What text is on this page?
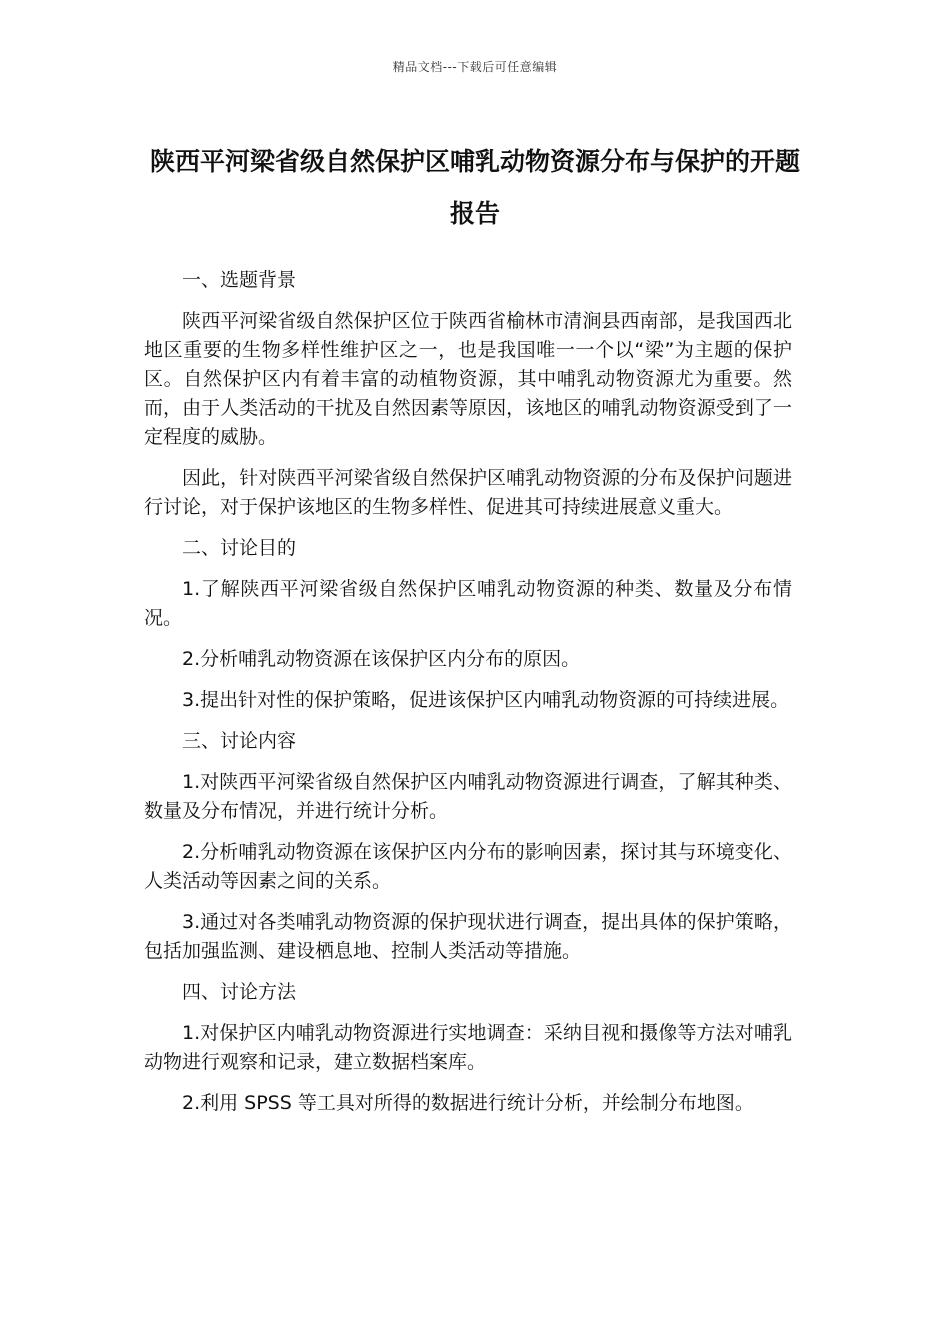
精品文档---下载后可任意编辑
陕西平河梁省级自然保护区哺乳动物资源分布与保护的开题报告

一、选题背景

陕西平河梁省级自然保护区位于陕西省榆林市清涧县西南部，是我国西北地区重要的生物多样性维护区之一，也是我国唯一一个以“梁”为主题的保护区。自然保护区内有着丰富的动植物资源，其中哺乳动物资源尤为重要。然而，由于人类活动的干扰及自然因素等原因，该地区的哺乳动物资源受到了一定程度的威胁。

因此，针对陕西平河梁省级自然保护区哺乳动物资源的分布及保护问题进行讨论，对于保护该地区的生物多样性、促进其可持续进展意义重大。

二、讨论目的

1.了解陕西平河梁省级自然保护区哺乳动物资源的种类、数量及分布情况。

2.分析哺乳动物资源在该保护区内分布的原因。

3.提出针对性的保护策略，促进该保护区内哺乳动物资源的可持续进展。

三、讨论内容

1.对陕西平河梁省级自然保护区内哺乳动物资源进行调查，了解其种类、数量及分布情况，并进行统计分析。

2.分析哺乳动物资源在该保护区内分布的影响因素，探讨其与环境变化、人类活动等因素之间的关系。

3.通过对各类哺乳动物资源的保护现状进行调查，提出具体的保护策略，包括加强监测、建设栖息地、控制人类活动等措施。

四、讨论方法

1.对保护区内哺乳动物资源进行实地调查：采纳目视和摄像等方法对哺乳动物进行观察和记录，建立数据档案库。

2.利用 SPSS 等工具对所得的数据进行统计分析，并绘制分布地图。
